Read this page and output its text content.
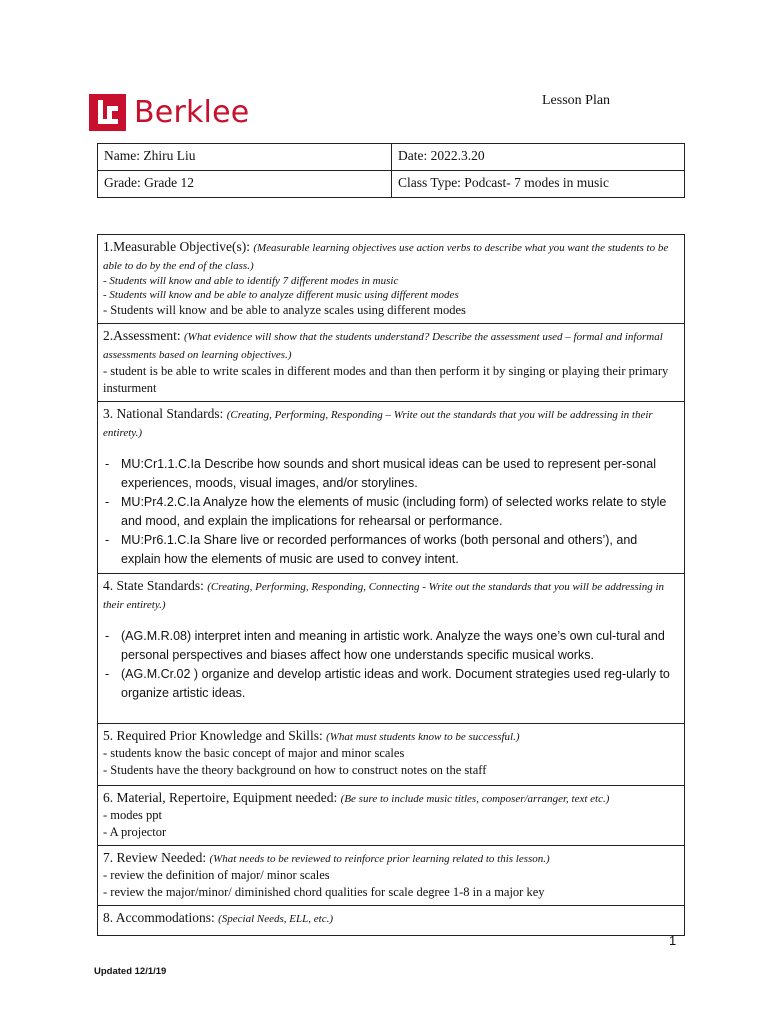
Berklee	Lesson Plan
Name: Zhiru Liu	Date: 2022.3.20
Grade: Grade 12	Class Type: Podcast- 7 modes in music
1.Measurable Objective(s): (Measurable learning objectives use action verbs to describe what you want the students to be able to do by the end of the class.)
- Students will know and able to identify 7 different modes in music
- Students will know and be able to analyze different music using different modes
- Students will know and be able to analyze scales using different modes

2.Assessment: (What evidence will show that the students understand? Describe the assessment used – formal and informal assessments based on learning objectives.)
- student is be able to write scales in different modes and than then perform it by singing or playing their primary insturment

3. National Standards: (Creating, Performing, Responding – Write out the standards that you will be addressing in their entirety.)
- MU:Cr1.1.C.Ia Describe how sounds and short musical ideas can be used to represent per-sonal experiences, moods, visual images, and/or storylines.
- MU:Pr4.2.C.Ia Analyze how the elements of music (including form) of selected works relate to style and mood, and explain the implications for rehearsal or performance.
- MU:Pr6.1.C.Ia Share live or recorded performances of works (both personal and others’), and explain how the elements of music are used to convey intent.

4. State Standards: (Creating, Performing, Responding, Connecting - Write out the standards that you will be addressing in their entirety.)
- (AG.M.R.08) interpret inten and meaning in artistic work. Analyze the ways one’s own cul-tural and personal perspectives and biases affect how one understands specific musical works.
- (AG.M.Cr.02 ) organize and develop artistic ideas and work. Document strategies used reg-ularly to organize artistic ideas.

5. Required Prior Knowledge and Skills: (What must students know to be successful.)
- students know the basic concept of major and minor scales
- Students have the theory background on how to construct notes on the staff

6. Material, Repertoire, Equipment needed: (Be sure to include music titles, composer/arranger, text etc.)
- modes ppt
- A projector

7. Review Needed: (What needs to be reviewed to reinforce prior learning related to this lesson.)
- review the definition of major/ minor scales
- review the major/minor/ diminished chord qualities for scale degree 1-8 in a major key

8. Accommodations: (Special Needs, ELL, etc.)
1
Updated 12/1/19
